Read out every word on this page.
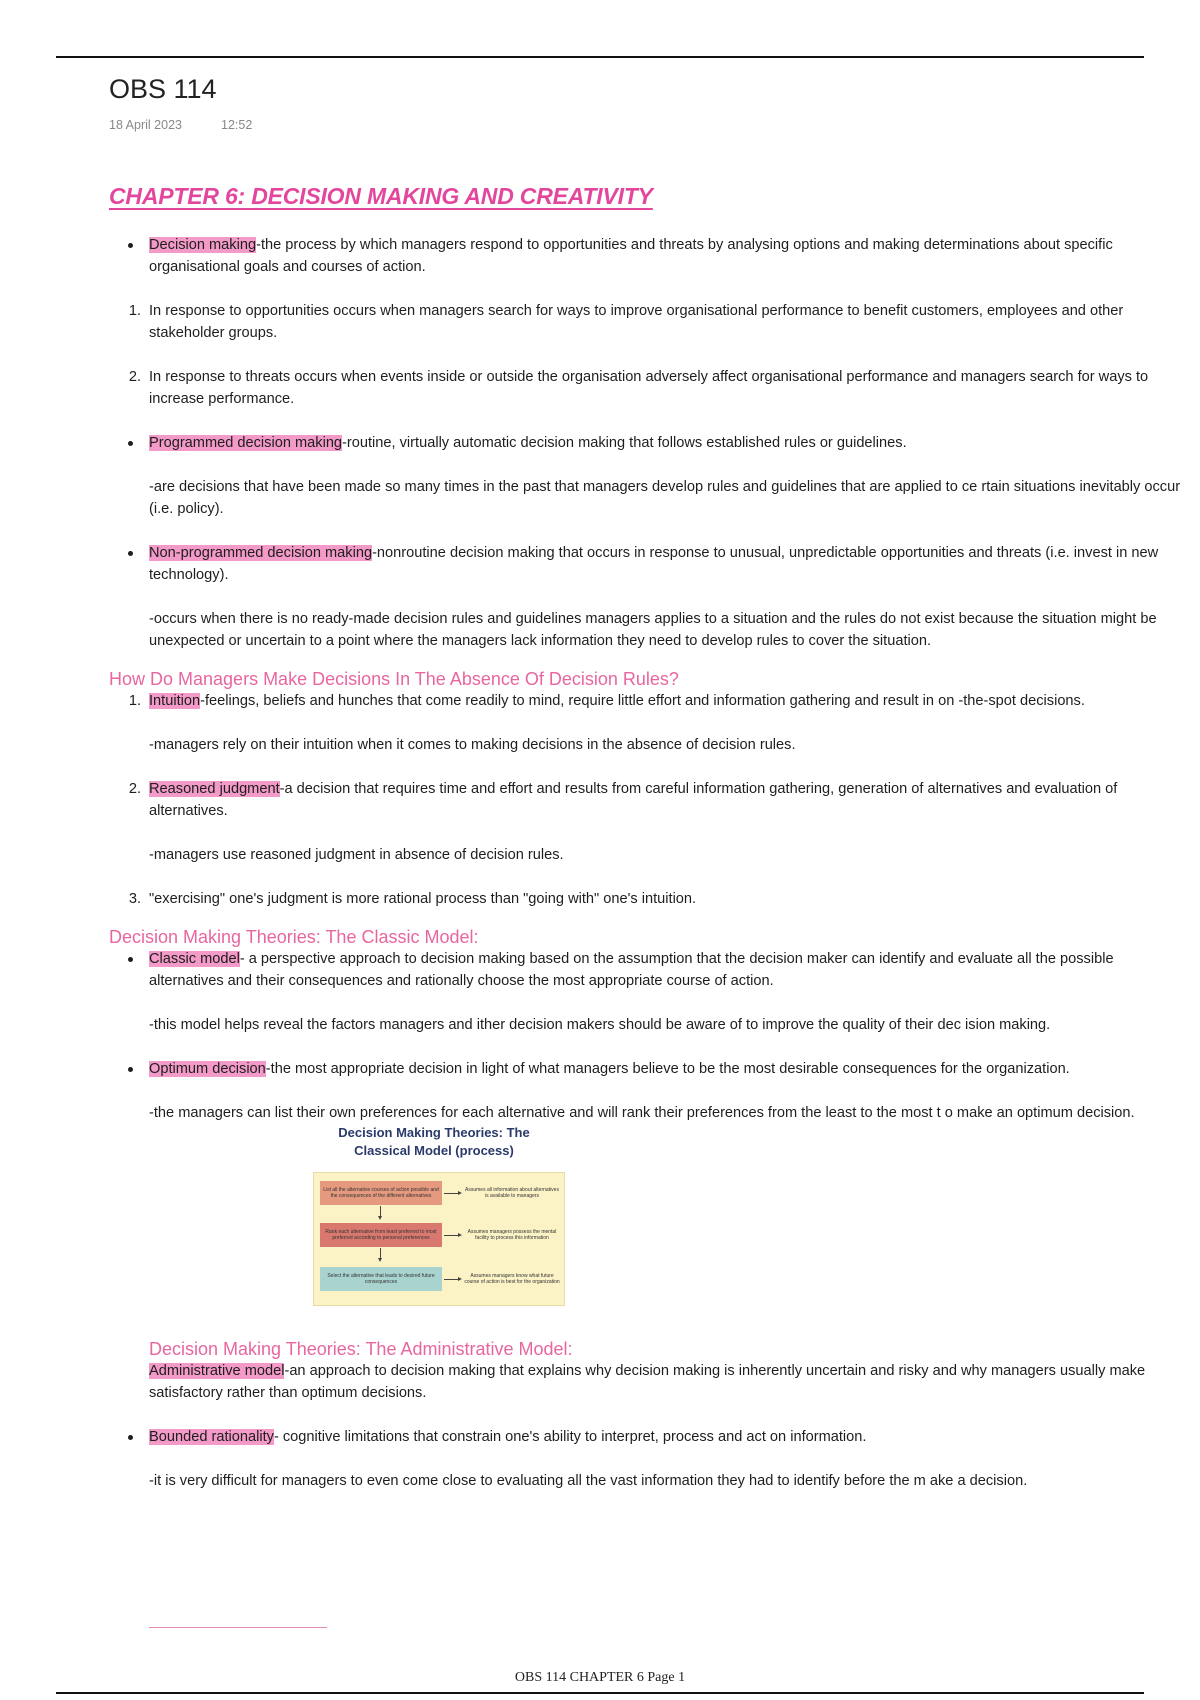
OBS 114
18 April 2023	12:52
CHAPTER 6: DECISION MAKING AND CREATIVITY
Decision making-the process by which managers respond to opportunities and threats by analysing options and making determinations about specific organisational goals and courses of action.
1. In response to opportunities occurs when managers search for ways to improve organisational performance to benefit customers, employees and other stakeholder groups.
2. In response to threats occurs when events inside or outside the organisation adversely affect organisational performance and managers search for ways to increase performance.
Programmed decision making-routine, virtually automatic decision making that follows established rules or guidelines.
-are decisions that have been made so many times in the past that managers develop rules and guidelines that are applied to ce rtain situations inevitably occur (i.e. policy).
Non-programmed decision making-nonroutine decision making that occurs in response to unusual, unpredictable opportunities and threats (i.e. invest in new technology).
-occurs when there is no ready-made decision rules and guidelines managers applies to a situation and the rules do not exist because the situation might be unexpected or uncertain to a point where the managers lack information they need to develop rules to cover the situation.
How Do Managers Make Decisions In The Absence Of Decision Rules?
1. Intuition-feelings, beliefs and hunches that come readily to mind, require little effort and information gathering and result in on -the-spot decisions.
-managers rely on their intuition when it comes to making decisions in the absence of decision rules.
2. Reasoned judgment-a decision that requires time and effort and results from careful information gathering, generation of alternatives and evaluation of alternatives.
-managers use reasoned judgment in absence of decision rules.
3. "exercising" one's judgment is more rational process than "going with" one's intuition.
Decision Making Theories: The Classic Model:
Classic model- a perspective approach to decision making based on the assumption that the decision maker can identify and evaluate all the possible alternatives and their consequences and rationally choose the most appropriate course of action.
-this model helps reveal the factors managers and ither decision makers should be aware of to improve the quality of their dec ision making.
Optimum decision-the most appropriate decision in light of what managers believe to be the most desirable consequences for the organization.
-the managers can list their own preferences for each alternative and will rank their preferences from the least to the most t o make an optimum decision.
Decision Making Theories: The
Classical Model (process)
List all the alternative courses of action possible and the consequences of the different alternatives
Rank each alternative from least preferred to most preferred according to personal preferences
Select the alternative that leads to desired future consequences
Assumes all information about alternatives is available to managers
Assumes managers possess the mental facility to process this information
Assumes managers know what future course of action is best for the organization
Decision Making Theories: The Administrative Model:
Administrative model-an approach to decision making that explains why decision making is inherently uncertain and risky and why managers usually make satisfactory rather than optimum decisions.
Bounded rationality- cognitive limitations that constrain one's ability to interpret, process and act on information.
-it is very difficult for managers to even come close to evaluating all the vast information they had to identify before the m ake a decision.
OBS 114 CHAPTER 6 Page 1
